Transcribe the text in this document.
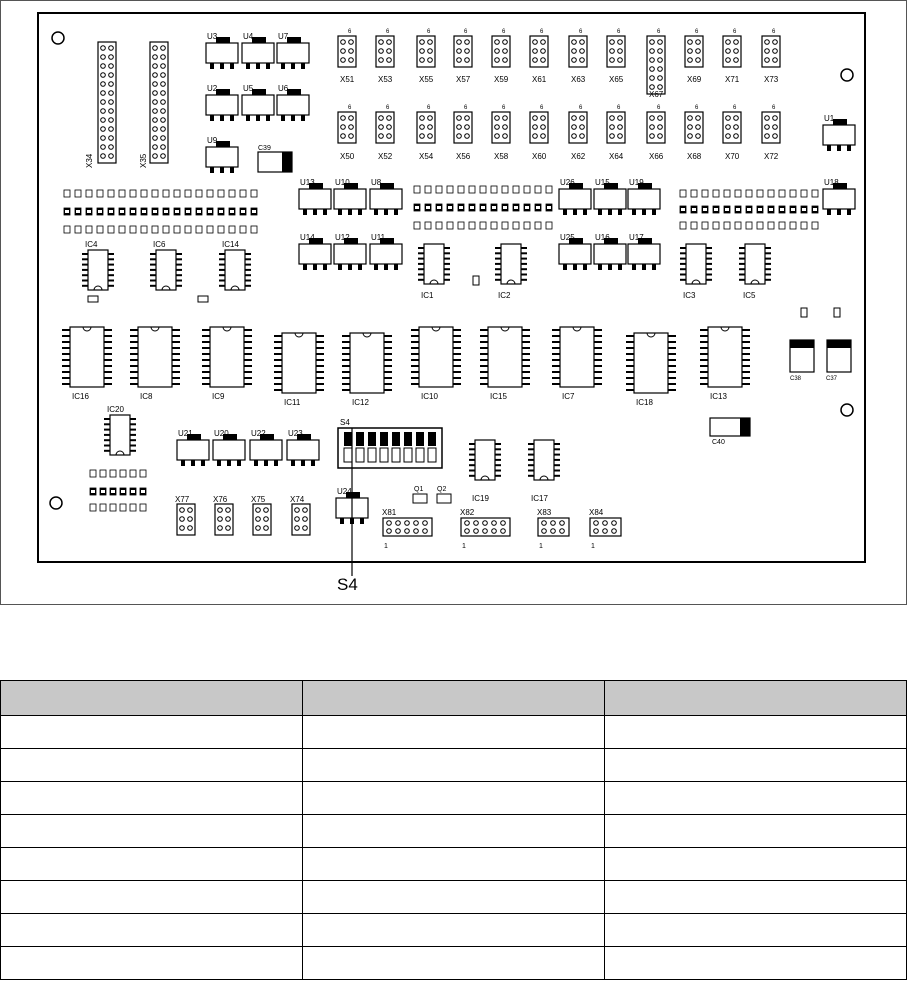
X34	X35
X51
6
X53
6
X55
6
X57
6
X59
6
X61
6
X63
6
X65
6
X67
6
X69
6
X71
6
X73
6
X50
6
X52
6
X54
6
X56
6
X58
6
X60
6
X62
6
X64
6
X66
6
X68
6
X70
6
X72
6
U3	U4	U7
U2	U5	U6
U9
U13	U10	U8
U14	U12	U11
U26	U15 U19
U25	U16 U17
U1
U18
U21	U20	U22	U23
U24
C39
C38	C37
C40
IC4	IC6	IC14
IC1	IC2	IC3	IC5
IC20
IC19	IC17
IC16	IC8	IC9
IC11	IC12
IC10	IC15	IC7
IC18
IC13
S4
Q1 Q2
X77	X76	X75	X74
X81
1
X82
1
X83
1
X84
1
S4
